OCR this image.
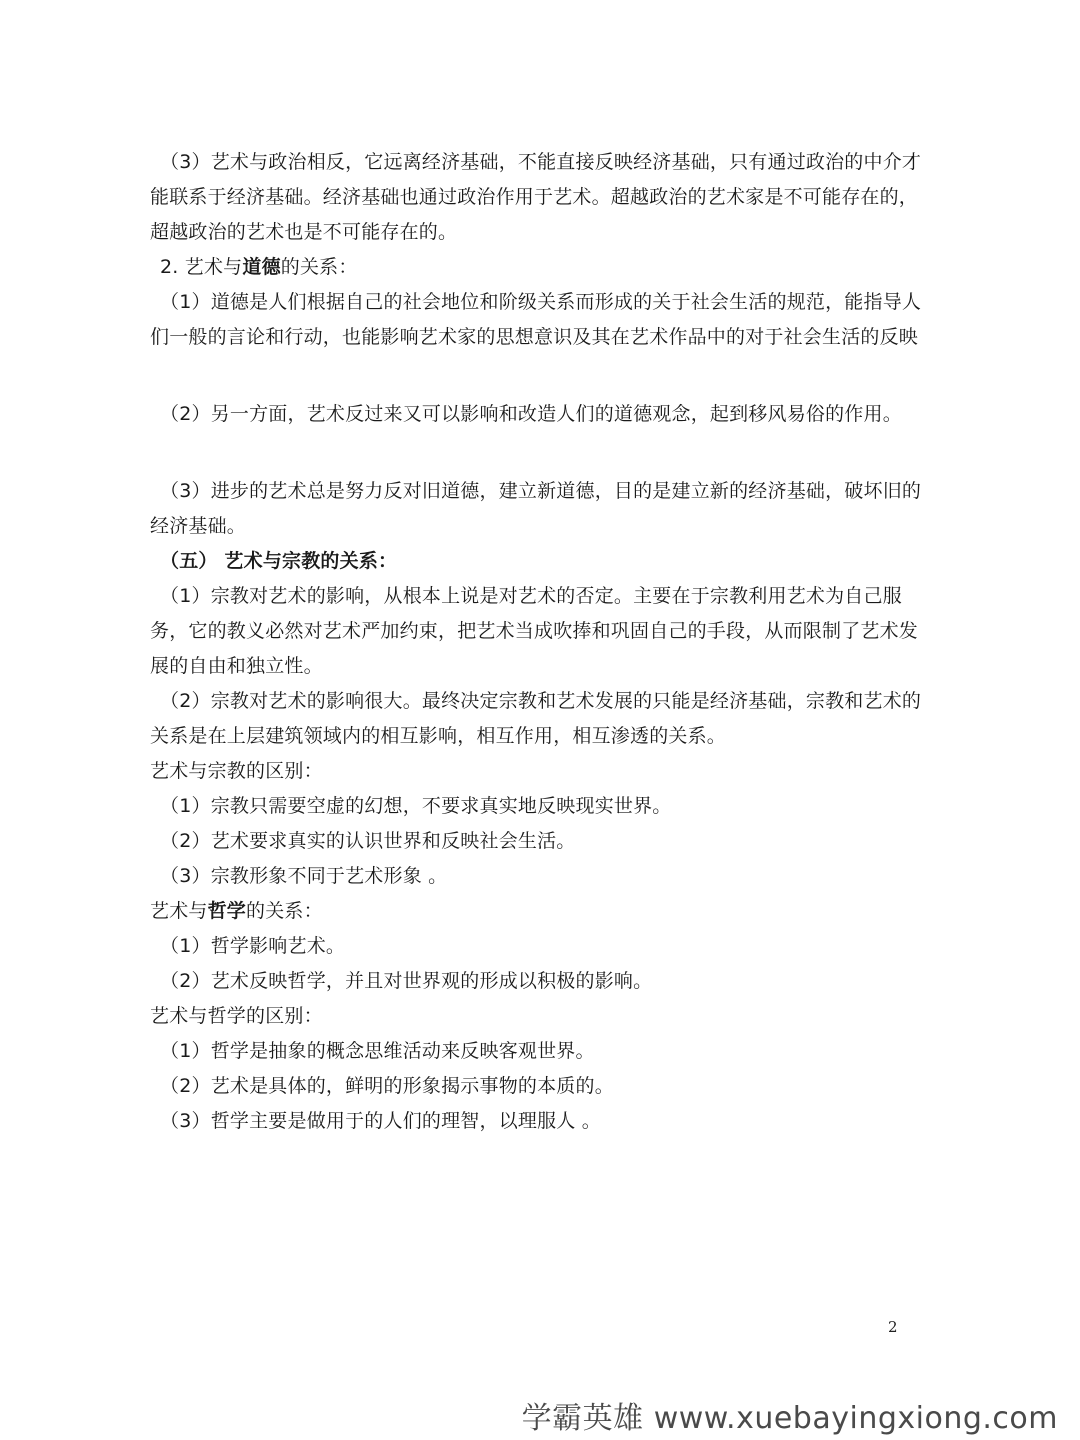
（3）艺术与政治相反，它远离经济基础，不能直接反映经济基础，只有通过政治的中介才
能联系于经济基础。经济基础也通过政治作用于艺术。超越政治的艺术家是不可能存在的，
超越政治的艺术也是不可能存在的。
2. 艺术与道德的关系：
（1）道德是人们根据自己的社会地位和阶级关系而形成的关于社会生活的规范，能指导人
们一般的言论和行动，也能影响艺术家的思想意识及其在艺术作品中的对于社会生活的反映
（2）另一方面，艺术反过来又可以影响和改造人们的道德观念，起到移风易俗的作用。
（3）进步的艺术总是努力反对旧道德，建立新道德，目的是建立新的经济基础，破坏旧的
经济基础。
（五） 艺术与宗教的关系：
（1）宗教对艺术的影响，从根本上说是对艺术的否定。主要在于宗教利用艺术为自己服
务，它的教义必然对艺术严加约束，把艺术当成吹捧和巩固自己的手段，从而限制了艺术发
展的自由和独立性。
（2）宗教对艺术的影响很大。最终决定宗教和艺术发展的只能是经济基础，宗教和艺术的
关系是在上层建筑领域内的相互影响，相互作用，相互渗透的关系。
艺术与宗教的区别：
（1）宗教只需要空虚的幻想，不要求真实地反映现实世界。
（2）艺术要求真实的认识世界和反映社会生活。
（3）宗教形象不同于艺术形象 。
艺术与哲学的关系：
（1）哲学影响艺术。
（2）艺术反映哲学，并且对世界观的形成以积极的影响。
艺术与哲学的区别：
（1）哲学是抽象的概念思维活动来反映客观世界。
（2）艺术是具体的，鲜明的形象揭示事物的本质的。
（3）哲学主要是做用于的人们的理智，以理服人 。
2
学霸英雄 www.xuebayingxiong.com
